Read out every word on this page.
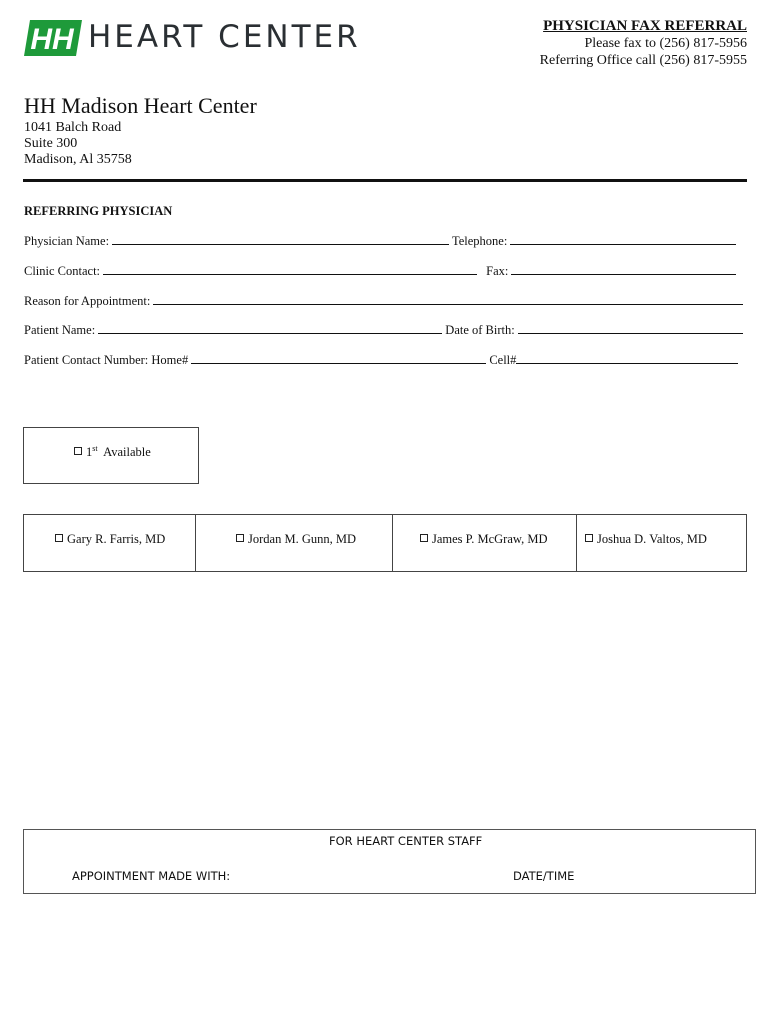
HH HEART CENTER	PHYSICIAN FAX REFERRAL
Please fax to (256) 817-5956
Referring Office call (256) 817-5955
HH Madison Heart Center
1041 Balch Road
Suite 300
Madison, Al 35758
REFERRING PHYSICIAN
Physician Name:	Telephone:
Clinic Contact:	Fax:
Reason for Appointment:
Patient Name:	Date of Birth:
Patient Contact Number: Home#	Cell#
1st Available
Gary R. Farris, MD	Jordan M. Gunn, MD	James P. McGraw, MD	Joshua D. Valtos, MD
FOR HEART CENTER STAFF
APPOINTMENT MADE WITH:	DATE/TIME
